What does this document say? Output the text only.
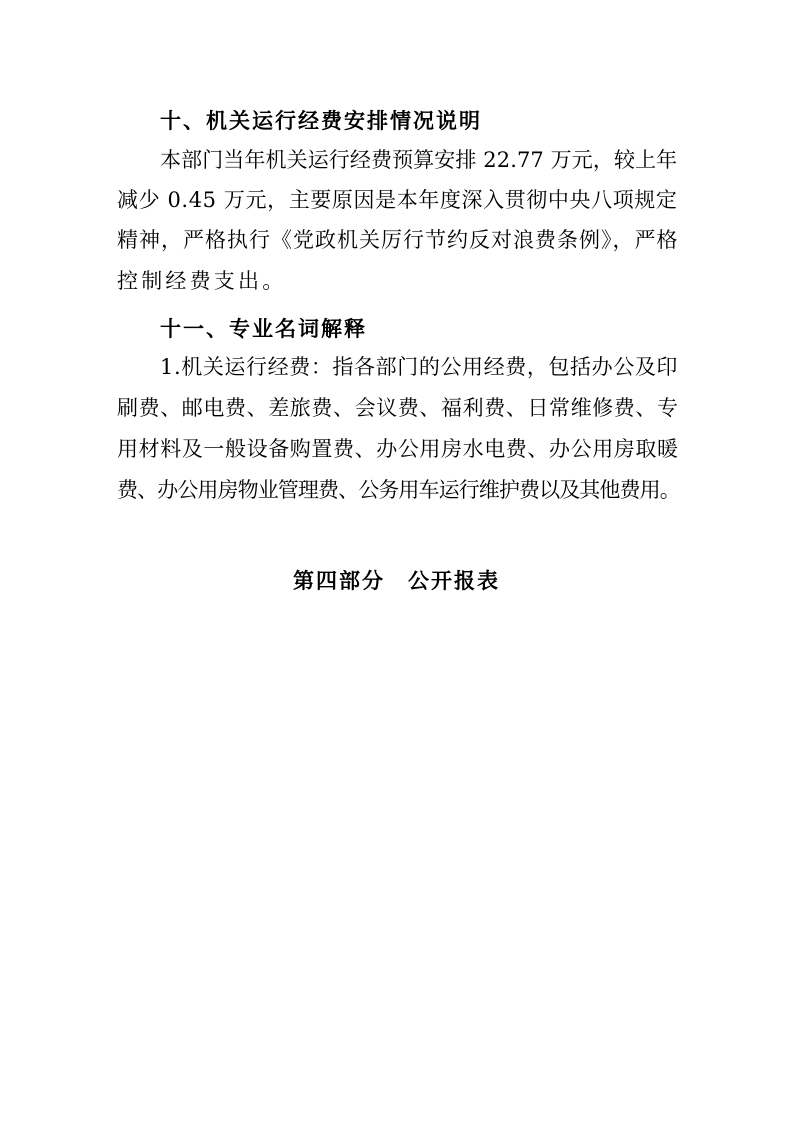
十、机关运行经费安排情况说明
本部门当年机关运行经费预算安排 22.77 万元，较上年
减少 0.45 万元，主要原因是本年度深入贯彻中央八项规定
精神，严格执行《党政机关厉行节约反对浪费条例》，严格
控制经费支出。
十一、专业名词解释
1.机关运行经费：指各部门的公用经费，包括办公及印
刷费、邮电费、差旅费、会议费、福利费、日常维修费、专
用材料及一般设备购置费、办公用房水电费、办公用房取暖
费、办公用房物业管理费、公务用车运行维护费以及其他费用。
第四部分　公开报表
